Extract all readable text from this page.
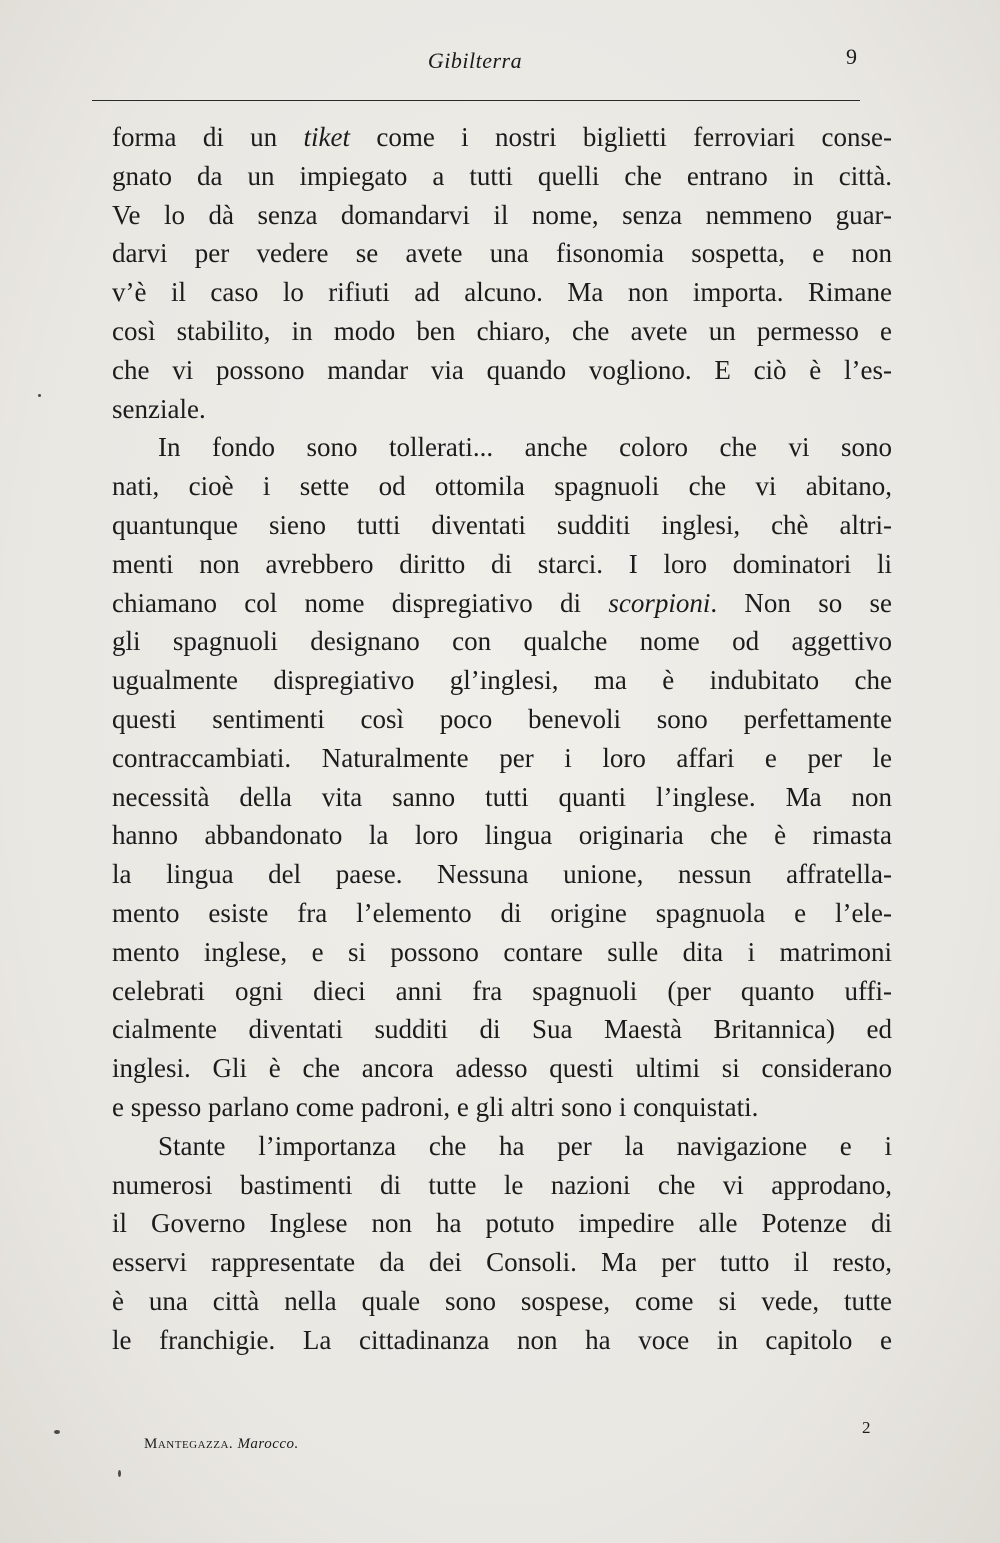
Gibilterra	9
forma di un tiket come i nostri biglietti ferroviari conse-
gnato da un impiegato a tutti quelli che entrano in città.
Ve lo dà senza domandarvi il nome, senza nemmeno guar-
darvi per vedere se avete una fisonomia sospetta, e non
v’è il caso lo rifiuti ad alcuno. Ma non importa. Rimane
così stabilito, in modo ben chiaro, che avete un permesso e
che vi possono mandar via quando vogliono. E ciò è l’es-
senziale.
In fondo sono tollerati... anche coloro che vi sono
nati, cioè i sette od ottomila spagnuoli che vi abitano,
quantunque sieno tutti diventati sudditi inglesi, chè altri-
menti non avrebbero diritto di starci. I loro dominatori li
chiamano col nome dispregiativo di scorpioni. Non so se
gli spagnuoli designano con qualche nome od aggettivo
ugualmente dispregiativo gl’inglesi, ma è indubitato che
questi sentimenti così poco benevoli sono perfettamente
contraccambiati. Naturalmente per i loro affari e per le
necessità della vita sanno tutti quanti l’inglese. Ma non
hanno abbandonato la loro lingua originaria che è rimasta
la lingua del paese. Nessuna unione, nessun affratella-
mento esiste fra l’elemento di origine spagnuola e l’ele-
mento inglese, e si possono contare sulle dita i matrimoni
celebrati ogni dieci anni fra spagnuoli (per quanto uffi-
cialmente diventati sudditi di Sua Maestà Britannica) ed
inglesi. Gli è che ancora adesso questi ultimi si considerano
e spesso parlano come padroni, e gli altri sono i conquistati.
Stante l’importanza che ha per la navigazione e i
numerosi bastimenti di tutte le nazioni che vi approdano,
il Governo Inglese non ha potuto impedire alle Potenze di
esservi rappresentate da dei Consoli. Ma per tutto il resto,
è una città nella quale sono sospese, come si vede, tutte
le franchigie. La cittadinanza non ha voce in capitolo e
2
Mantegazza. Marocco.
